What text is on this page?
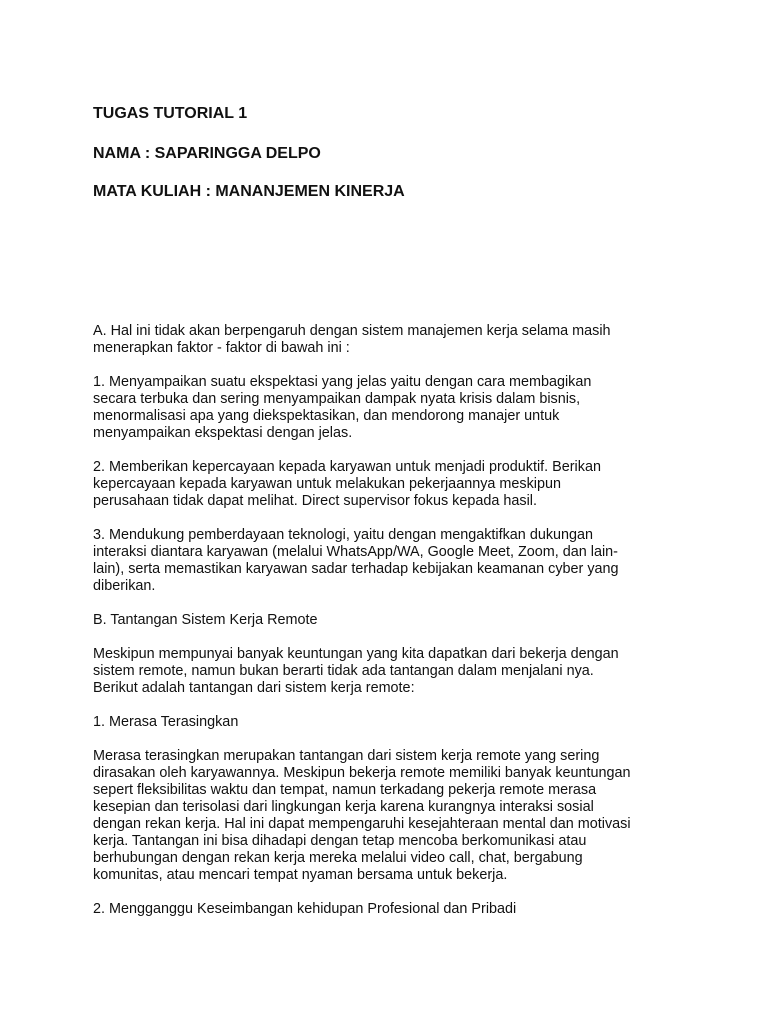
TUGAS TUTORIAL 1
NAMA : SAPARINGGA DELPO
MATA KULIAH : MANANJEMEN KINERJA

A. Hal ini tidak akan berpengaruh dengan sistem manajemen kerja selama masih

menerapkan faktor - faktor di bawah ini :

1. Menyampaikan suatu ekspektasi yang jelas yaitu dengan cara membagikan

secara terbuka dan sering menyampaikan dampak nyata krisis dalam bisnis,

menormalisasi apa yang diekspektasikan, dan mendorong manajer untuk

menyampaikan ekspektasi dengan jelas.

2. Memberikan kepercayaan kepada karyawan untuk menjadi produktif. Berikan

kepercayaan kepada karyawan untuk melakukan pekerjaannya meskipun

perusahaan tidak dapat melihat. Direct supervisor fokus kepada hasil.

3. Mendukung pemberdayaan teknologi, yaitu dengan mengaktifkan dukungan

interaksi diantara karyawan (melalui WhatsApp/WA, Google Meet, Zoom, dan lain-

lain), serta memastikan karyawan sadar terhadap kebijakan keamanan cyber yang

diberikan.

B. Tantangan Sistem Kerja Remote

Meskipun mempunyai banyak keuntungan yang kita dapatkan dari bekerja dengan

sistem remote, namun bukan berarti tidak ada tantangan dalam menjalani nya.

Berikut adalah tantangan dari sistem kerja remote:

1. Merasa Terasingkan

Merasa terasingkan merupakan tantangan dari sistem kerja remote yang sering

dirasakan oleh karyawannya. Meskipun bekerja remote memiliki banyak keuntungan

sepert fleksibilitas waktu dan tempat, namun terkadang pekerja remote merasa

kesepian dan terisolasi dari lingkungan kerja karena kurangnya interaksi sosial

dengan rekan kerja. Hal ini dapat mempengaruhi kesejahteraan mental dan motivasi

kerja. Tantangan ini bisa dihadapi dengan tetap mencoba berkomunikasi atau

berhubungan dengan rekan kerja mereka melalui video call, chat, bergabung

komunitas, atau mencari tempat nyaman bersama untuk bekerja.

2. Mengganggu Keseimbangan kehidupan Profesional dan Pribadi
